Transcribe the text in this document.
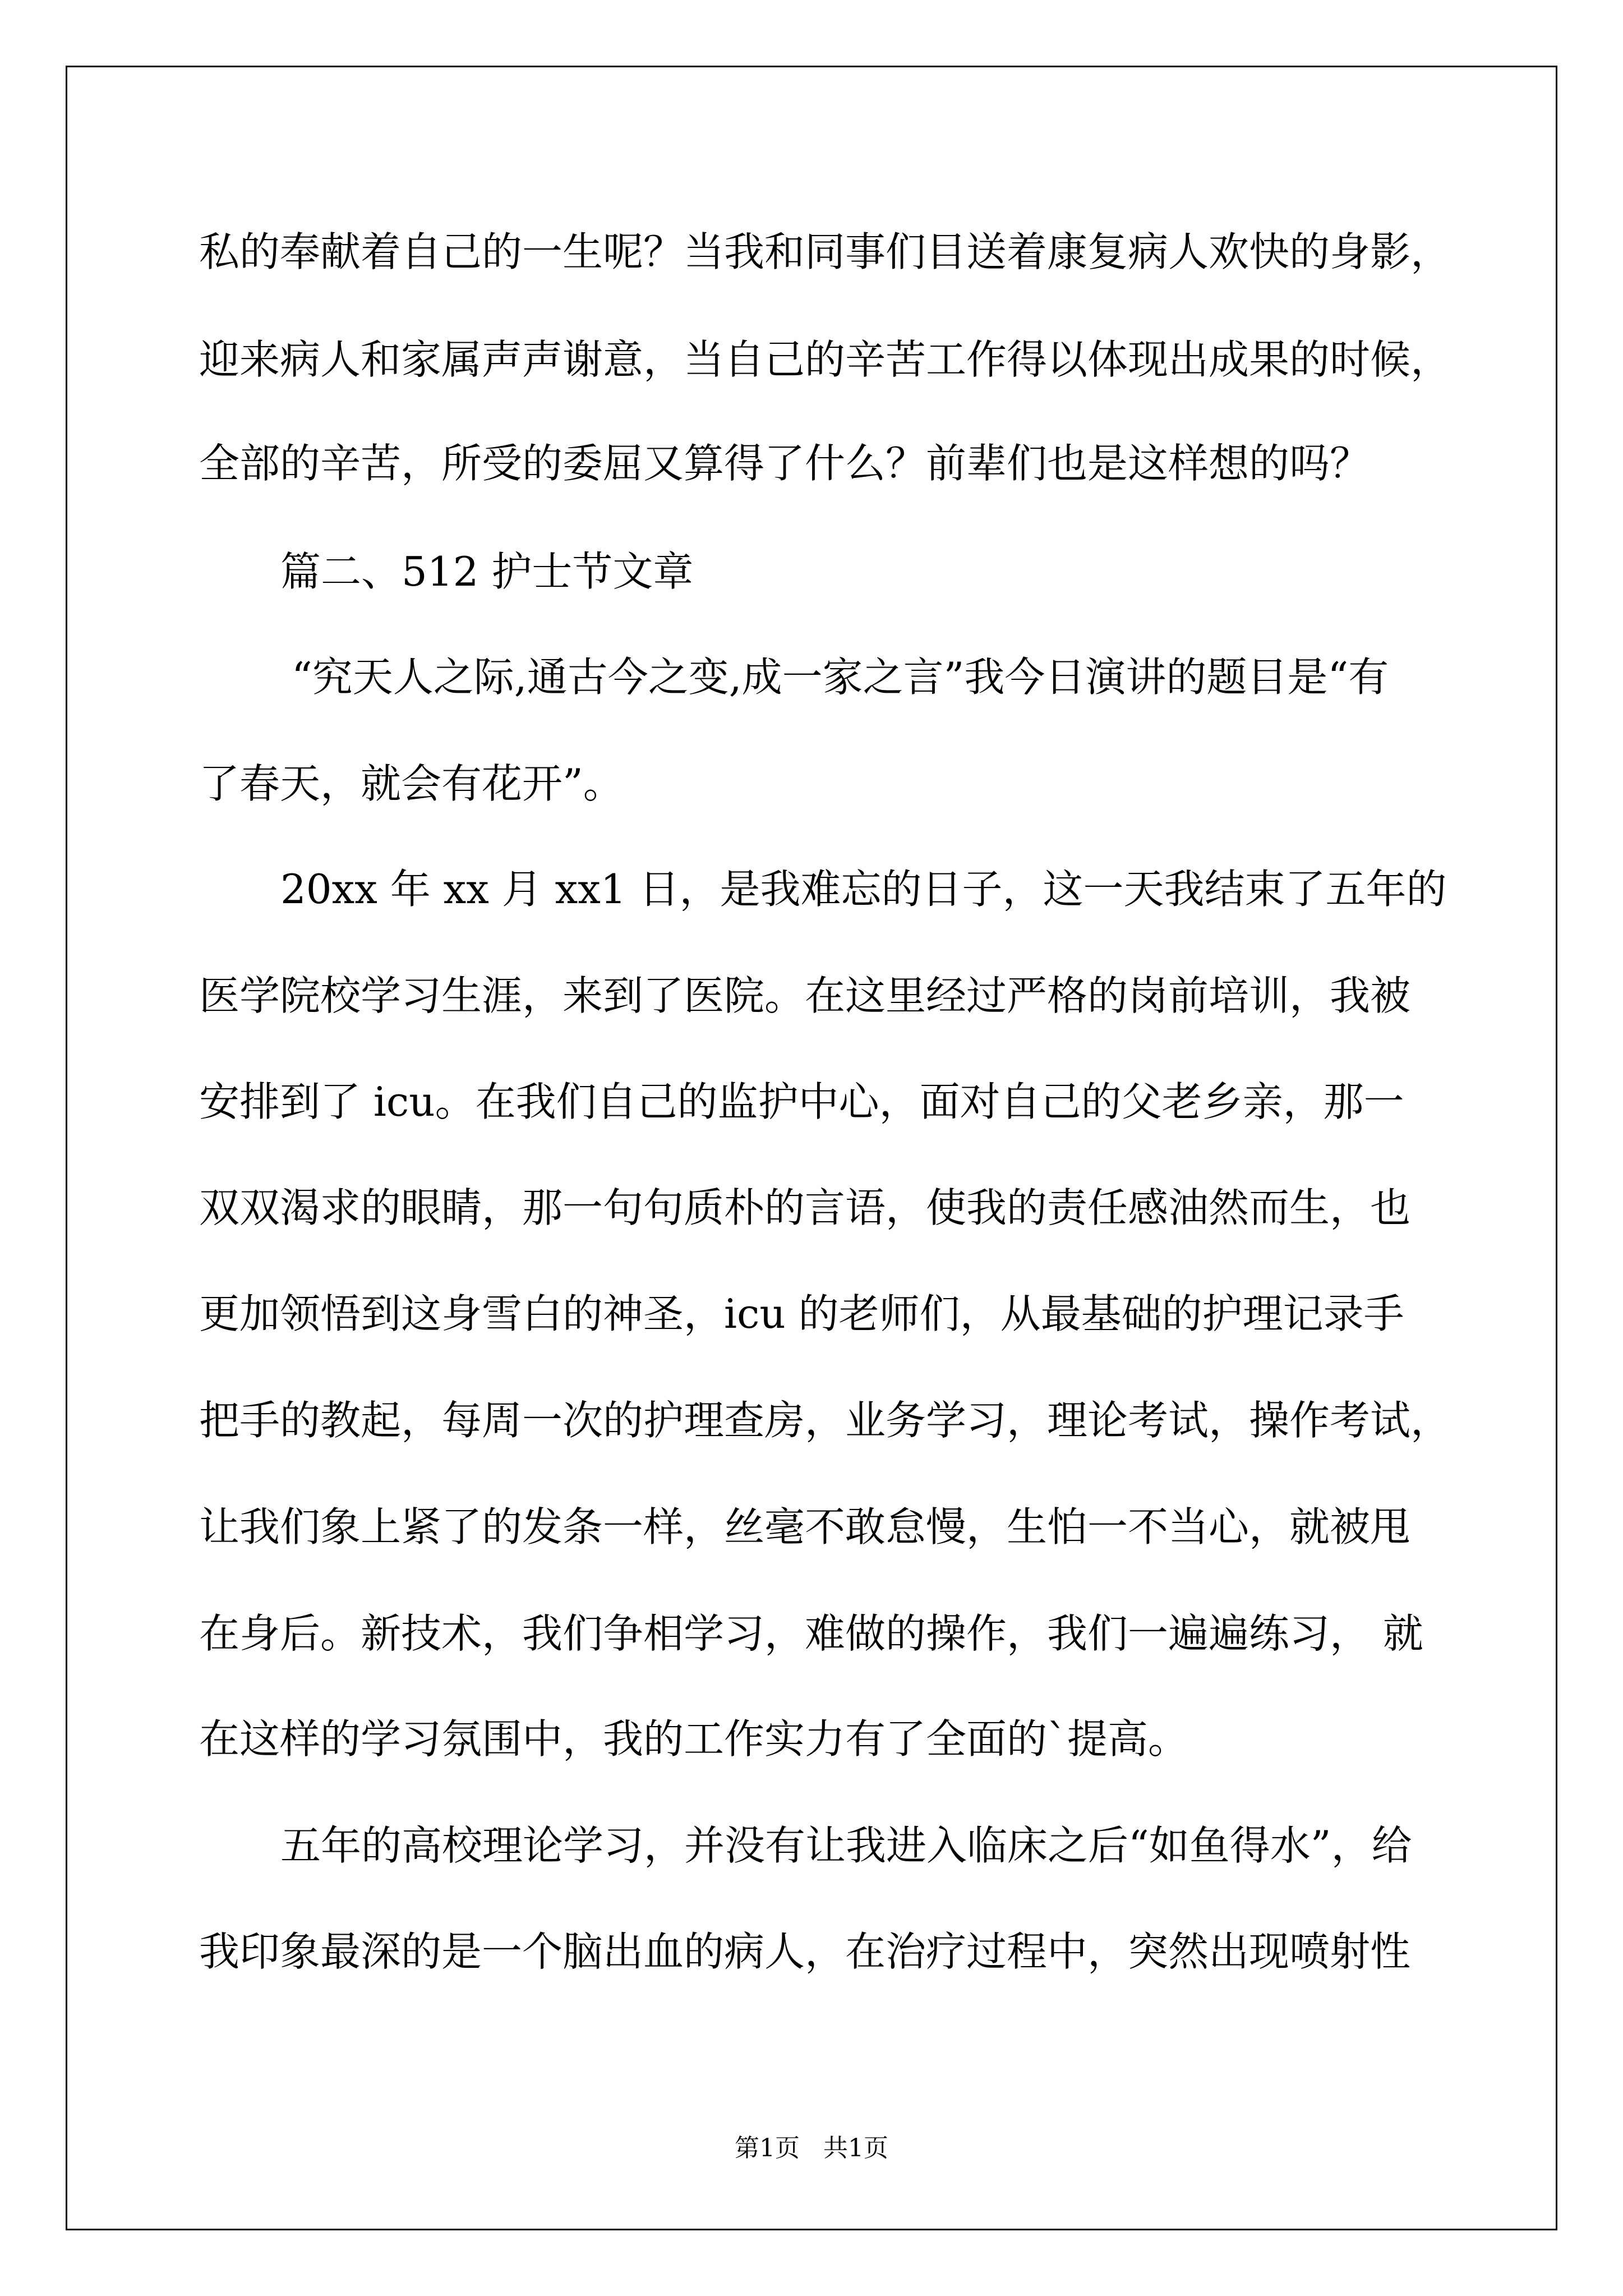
私的奉献着自己的一生呢？当我和同事们目送着康复病人欢快的身影，
迎来病人和家属声声谢意，当自己的辛苦工作得以体现出成果的时候，
全部的辛苦，所受的委屈又算得了什么？前辈们也是这样想的吗？
篇二、512 护士节文章
“究天人之际,通古今之变,成一家之言”我今日演讲的题目是“有
了春天，就会有花开”。
20xx 年 xx 月 xx1 日，是我难忘的日子，这一天我结束了五年的
医学院校学习生涯，来到了医院。在这里经过严格的岗前培训，我被
安排到了 icu。在我们自己的监护中心，面对自己的父老乡亲，那一
双双渴求的眼睛，那一句句质朴的言语，使我的责任感油然而生，也
更加领悟到这身雪白的神圣，icu 的老师们，从最基础的护理记录手
把手的教起，每周一次的护理查房，业务学习，理论考试，操作考试，
让我们象上紧了的发条一样，丝毫不敢怠慢，生怕一不当心，就被甩
在身后。新技术，我们争相学习，难做的操作，我们一遍遍练习， 就
在这样的学习氛围中，我的工作实力有了全面的`提高。
五年的高校理论学习，并没有让我进入临床之后“如鱼得水”，给
我印象最深的是一个脑出血的病人，在治疗过程中，突然出现喷射性
第1页   共1页
